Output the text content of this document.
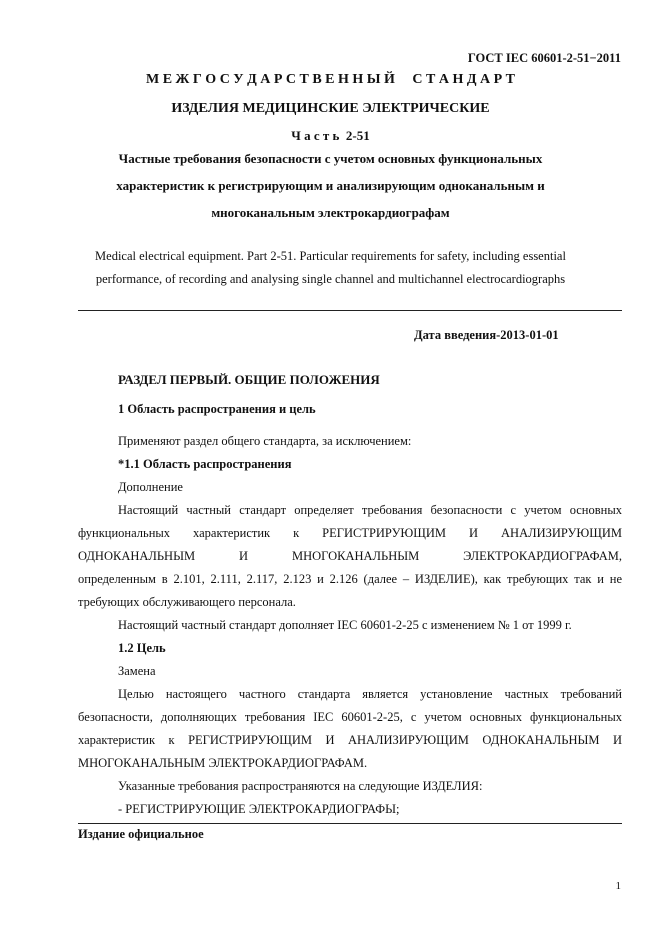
ГОСТ IEC 60601-2-51−2011
М Е Ж Г О С У Д А Р С Т В Е Н Н Ы Й     С Т А Н Д А Р Т
ИЗДЕЛИЯ МЕДИЦИНСКИЕ ЭЛЕКТРИЧЕСКИЕ
Ч а с т ь  2-51
Частные требования безопасности с учетом основных функциональных
характеристик к регистрирующим и анализирующим одноканальным и
многоканальным электрокардиографам
Medical electrical equipment. Part 2-51. Particular requirements for safety, including essential
performance, of recording and analysing single channel and multichannel electrocardiographs
Дата введения-2013-01-01
РАЗДЕЛ ПЕРВЫЙ. ОБЩИЕ ПОЛОЖЕНИЯ
1 Область распространения и цель
Применяют раздел общего стандарта, за исключением:
*1.1 Область распространения
Дополнение
Настоящий частный стандарт определяет требования безопасности с учетом основных
функциональных характеристик к РЕГИСТРИРУЮЩИМ И АНАЛИЗИРУЮЩИМ
ОДНОКАНАЛЬНЫМ И МНОГОКАНАЛЬНЫМ ЭЛЕКТРОКАРДИОГРАФАМ,
определенным в 2.101, 2.111, 2.117, 2.123 и 2.126 (далее – ИЗДЕЛИЕ), как требующих так и не
требующих обслуживающего персонала.
Настоящий частный стандарт дополняет IEC 60601-2-25 с изменением № 1 от 1999 г.
1.2 Цель
Замена
Целью настоящего частного стандарта является установление частных требований
безопасности, дополняющих требования IEC 60601-2-25, с учетом основных функциональных
характеристик к РЕГИСТРИРУЮЩИМ И АНАЛИЗИРУЮЩИМ ОДНОКАНАЛЬНЫМ И
МНОГОКАНАЛЬНЫМ ЭЛЕКТРОКАРДИОГРАФАМ.
Указанные требования распространяются на следующие ИЗДЕЛИЯ:
- РЕГИСТРИРУЮЩИЕ ЭЛЕКТРОКАРДИОГРАФЫ;
Издание официальное
1
